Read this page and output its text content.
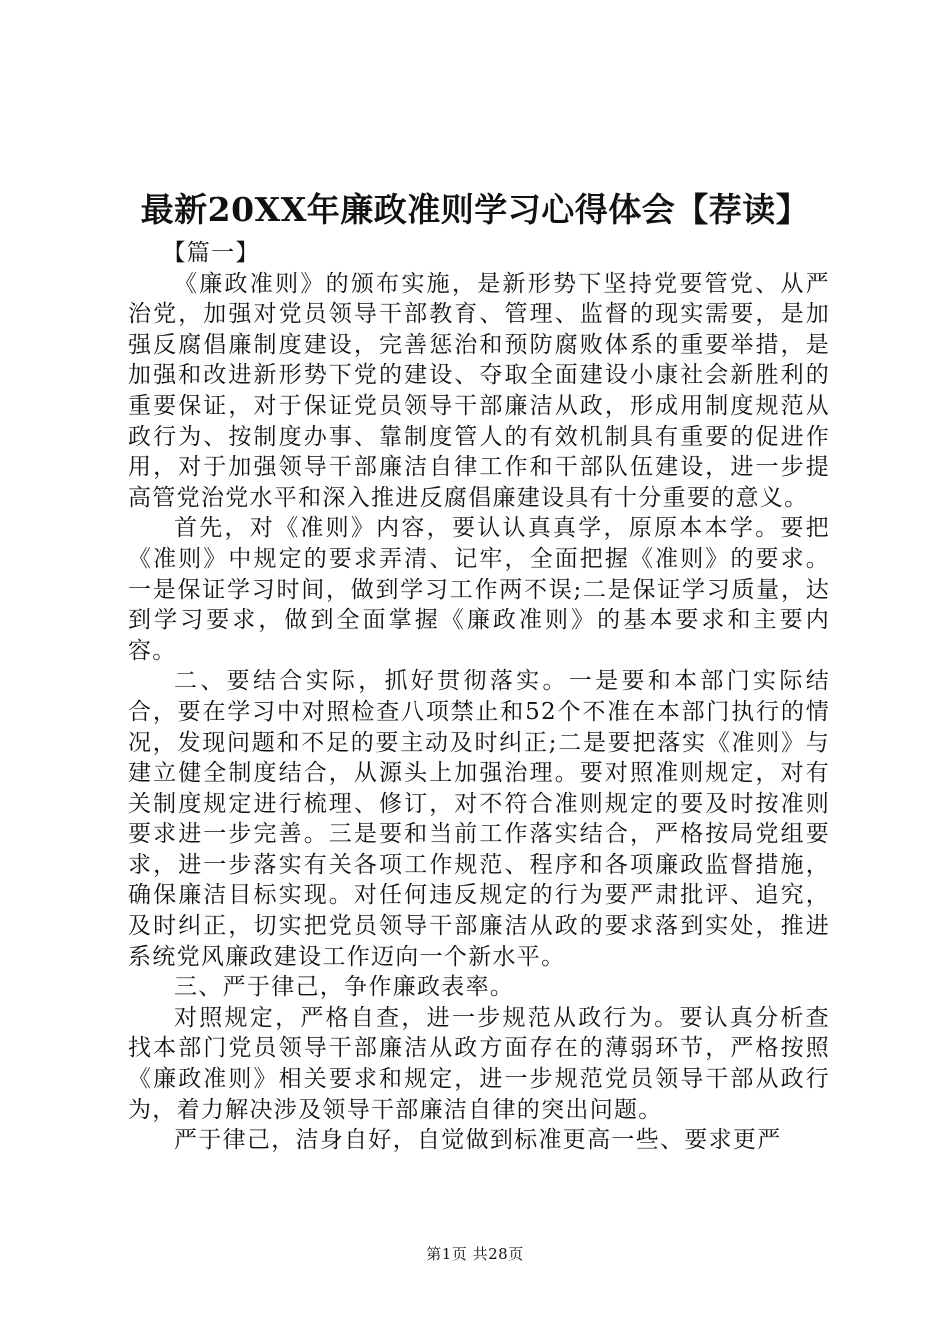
最新20XX年廉政准则学习心得体会【荐读】

【篇一】

《廉政准则》的颁布实施，是新形势下坚持党要管党、从严治党，加强对党员领导干部教育、管理、监督的现实需要，是加强反腐倡廉制度建设，完善惩治和预防腐败体系的重要举措，是加强和改进新形势下党的建设、夺取全面建设小康社会新胜利的重要保证，对于保证党员领导干部廉洁从政，形成用制度规范从政行为、按制度办事、靠制度管人的有效机制具有重要的促进作用，对于加强领导干部廉洁自律工作和干部队伍建设，进一步提高管党治党水平和深入推进反腐倡廉建设具有十分重要的意义。

首先，对《准则》内容，要认认真真学，原原本本学。要把《准则》中规定的要求弄清、记牢，全面把握《准则》的要求。一是保证学习时间，做到学习工作两不误;二是保证学习质量，达到学习要求，做到全面掌握《廉政准则》的基本要求和主要内容。

二、要结合实际，抓好贯彻落实。一是要和本部门实际结合，要在学习中对照检查八项禁止和52个不准在本部门执行的情况，发现问题和不足的要主动及时纠正;二是要把落实《准则》与建立健全制度结合，从源头上加强治理。要对照准则规定，对有关制度规定进行梳理、修订，对不符合准则规定的要及时按准则要求进一步完善。三是要和当前工作落实结合，严格按局党组要求，进一步落实有关各项工作规范、程序和各项廉政监督措施，确保廉洁目标实现。对任何违反规定的行为要严肃批评、追究，及时纠正，切实把党员领导干部廉洁从政的要求落到实处，推进系统党风廉政建设工作迈向一个新水平。

三、严于律己，争作廉政表率。

对照规定，严格自查，进一步规范从政行为。要认真分析查找本部门党员领导干部廉洁从政方面存在的薄弱环节，严格按照《廉政准则》相关要求和规定，进一步规范党员领导干部从政行为，着力解决涉及领导干部廉洁自律的突出问题。

严于律己，洁身自好，自觉做到标准更高一些、要求更严

第1页 共28页
